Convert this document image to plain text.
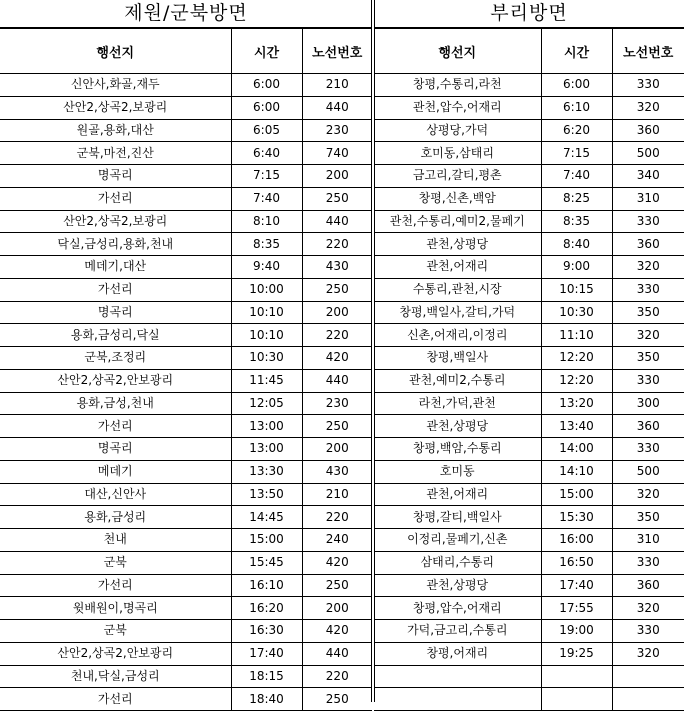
제원/군북방면
행선지	시간	노선번호
신안사,화골,재두	6:00	210
산안2,상곡2,보광리	6:00	440
원골,용화,대산	6:05	230
군북,마전,진산	6:40	740
명곡리	7:15	200
가선리	7:40	250
산안2,상곡2,보광리	8:10	440
닥실,금성리,용화,천내	8:35	220
메데기,대산	9:40	430
가선리	10:00	250
명곡리	10:10	200
용화,금성리,닥실	10:10	220
군북,조정리	10:30	420
산안2,상곡2,안보광리	11:45	440
용화,금성,천내	12:05	230
가선리	13:00	250
명곡리	13:00	200
메데기	13:30	430
대산,신안사	13:50	210
용화,금성리	14:45	220
천내	15:00	240
군북	15:45	420
가선리	16:10	250
윗배원이,명곡리	16:20	200
군북	16:30	420
산안2,상곡2,안보광리	17:40	440
천내,닥실,금성리	18:15	220
가선리	18:40	250
부리방면
행선지	시간	노선번호
창평,수통리,라천	6:00	330
관천,압수,어재리	6:10	320
상평당,가덕	6:20	360
호미동,삼태리	7:15	500
금고리,갈티,평촌	7:40	340
창평,신촌,백암	8:25	310
관천,수통리,예미2,물페기	8:35	330
관천,상평당	8:40	360
관천,어재리	9:00	320
수통리,관천,시장	10:15	330
창평,백일사,갈티,가덕	10:30	350
신촌,어재리,이정리	11:10	320
창평,백일사	12:20	350
관천,예미2,수통리	12:20	330
라천,가덕,관천	13:20	300
관천,상평당	13:40	360
창평,백암,수통리	14:00	330
호미동	14:10	500
관천,어재리	15:00	320
창평,갈티,백일사	15:30	350
이정리,물페기,신촌	16:00	310
삼태리,수통리	16:50	330
관천,상평당	17:40	360
창평,압수,어재리	17:55	320
가덕,금고리,수통리	19:00	330
창평,어재리	19:25	320
